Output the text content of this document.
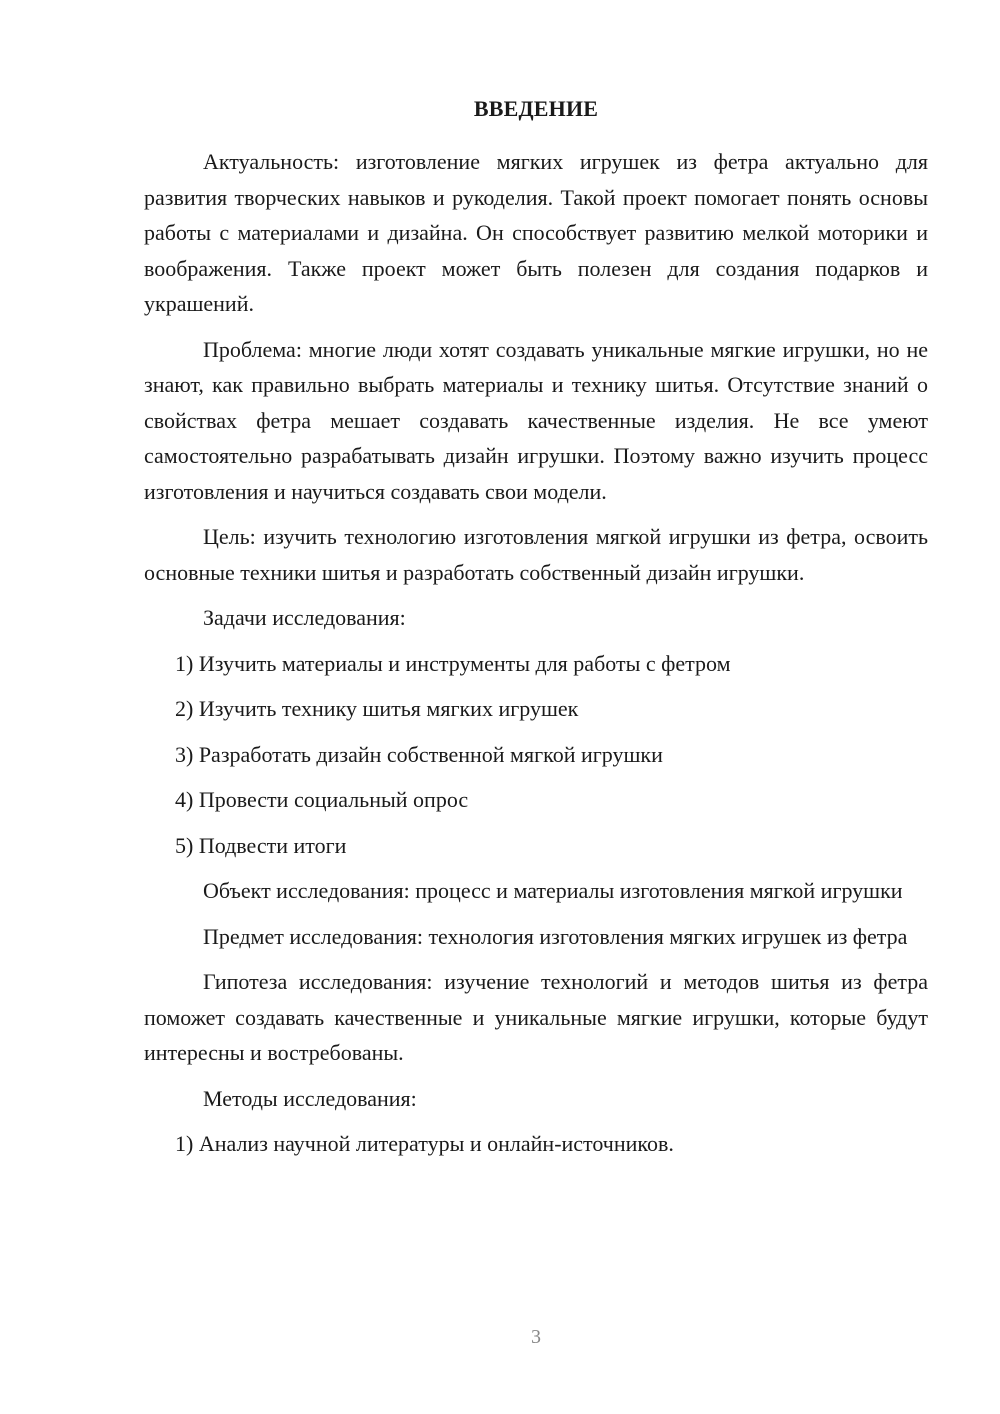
ВВЕДЕНИЕ

Актуальность: изготовление мягких игрушек из фетра актуально для развития творческих навыков и рукоделия. Такой проект помогает понять основы работы с материалами и дизайна. Он способствует развитию мелкой моторики и воображения. Также проект может быть полезен для создания подарков и украшений.

Проблема: многие люди хотят создавать уникальные мягкие игрушки, но не знают, как правильно выбрать материалы и технику шитья. Отсутствие знаний о свойствах фетра мешает создавать качественные изделия. Не все умеют самостоятельно разрабатывать дизайн игрушки. Поэтому важно изучить процесс изготовления и научиться создавать свои модели.

Цель: изучить технологию изготовления мягкой игрушки из фетра, освоить основные техники шитья и разработать собственный дизайн игрушки.

Задачи исследования:

1) Изучить материалы и инструменты для работы с фетром

2) Изучить технику шитья мягких игрушек

3) Разработать дизайн собственной мягкой игрушки

4) Провести социальный опрос

5) Подвести итоги

Объект исследования: процесс и материалы изготовления мягкой игрушки

Предмет исследования: технология изготовления мягких игрушек из фетра

Гипотеза исследования: изучение технологий и методов шитья из фетра поможет создавать качественные и уникальные мягкие игрушки, которые будут интересны и востребованы.

Методы исследования:

1) Анализ научной литературы и онлайн-источников.

3
